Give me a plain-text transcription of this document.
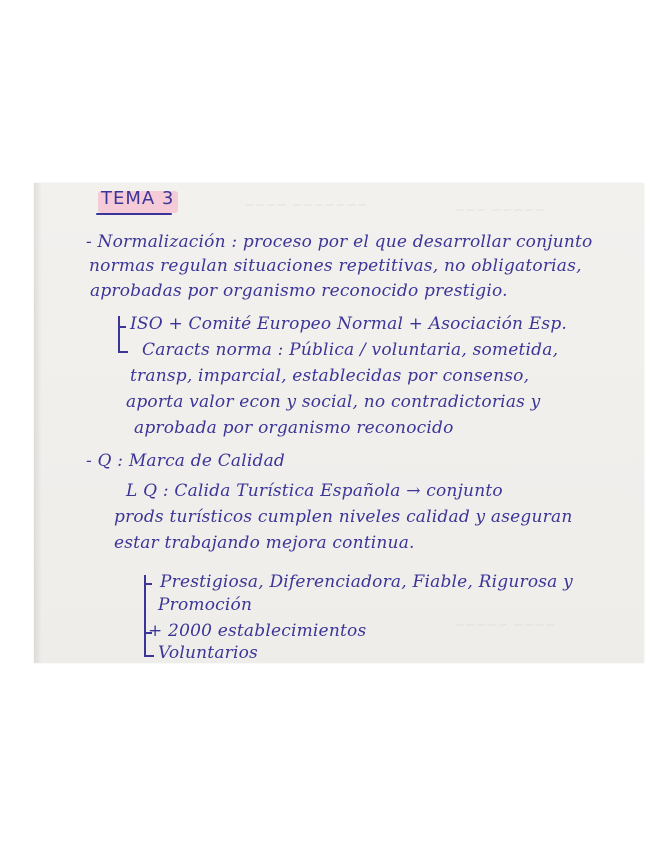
~~~~~~~ ~~~~	~~~~~ ~~~
~~~~ ~~~~~
TEMA 3
- Normalización : proceso por el que desarrollar conjunto
normas regulan situaciones repetitivas, no obligatorias,
aprobadas por organismo reconocido prestigio.
ISO + Comité Europeo Normal + Asociación Esp.
Caracts norma : Pública / voluntaria, sometida,
transp, imparcial, establecidas por consenso,
aporta valor econ y social, no contradictorias y
aprobada por organismo reconocido
- Q : Marca de Calidad
L Q : Calida Turística Española → conjunto
prods turísticos cumplen niveles calidad y aseguran
estar trabajando mejora continua.
Prestigiosa, Diferenciadora, Fiable, Rigurosa y
Promoción
+ 2000 establecimientos
Voluntarios
